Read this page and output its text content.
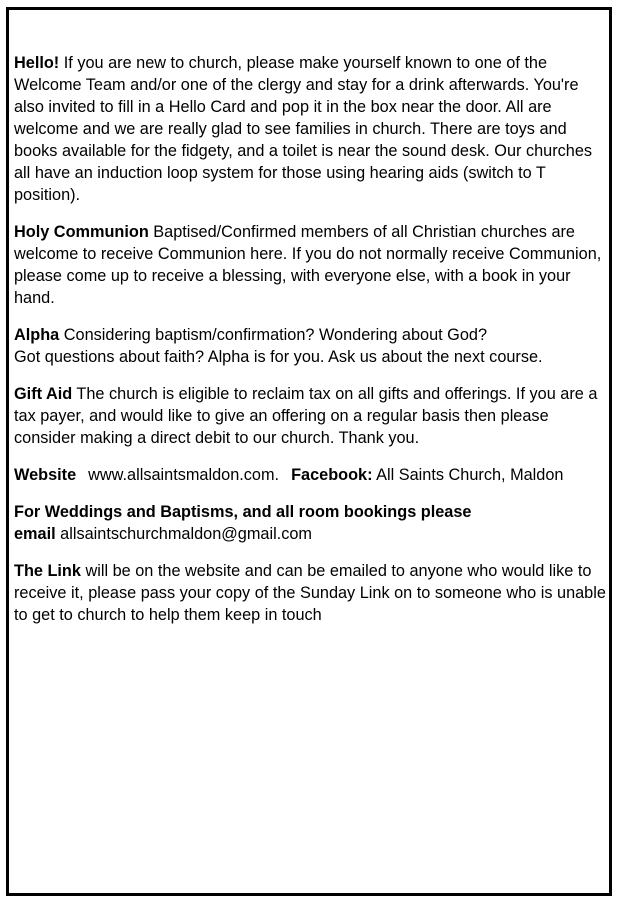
Hello! If you are new to church, please make yourself known to one of the Welcome Team and/or one of the clergy and stay for a drink afterwards. You're also invited to fill in a Hello Card and pop it in the box near the door. All are welcome and we are really glad to see families in church. There are toys and books available for the fidgety, and a toilet is near the sound desk. Our churches all have an induction loop system for those using hearing aids (switch to T position).

Holy Communion Baptised/Confirmed members of all Christian churches are welcome to receive Communion here. If you do not normally receive Communion, please come up to receive a blessing, with everyone else, with a book in your hand.

Alpha Considering baptism/confirmation? Wondering about God?
Got questions about faith? Alpha is for you. Ask us about the next course.

Gift Aid The church is eligible to reclaim tax on all gifts and offerings. If you are a tax payer, and would like to give an offering on a regular basis then please consider making a direct debit to our church. Thank you.

Website www.allsaintsmaldon.com. Facebook: All Saints Church, Maldon

For Weddings and Baptisms, and all room bookings please
email allsaintschurchmaldon@gmail.com

The Link will be on the website and can be emailed to anyone who would like to receive it, please pass your copy of the Sunday Link on to someone who is unable to get to church to help them keep in touch
